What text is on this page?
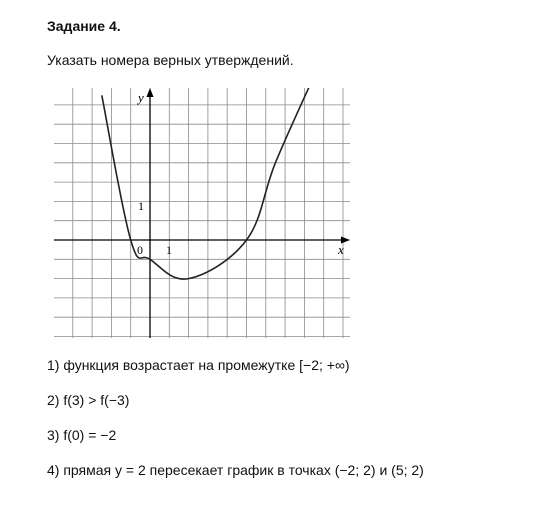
Задание 4.

Указать номера верных утверждений.

x
y
0 1
1
1) функция возрастает на промежутке [−2; +∞)
2) f(3) > f(−3)
3) f(0) = −2
4) прямая y = 2 пересекает график в точках (−2; 2) и (5; 2)
